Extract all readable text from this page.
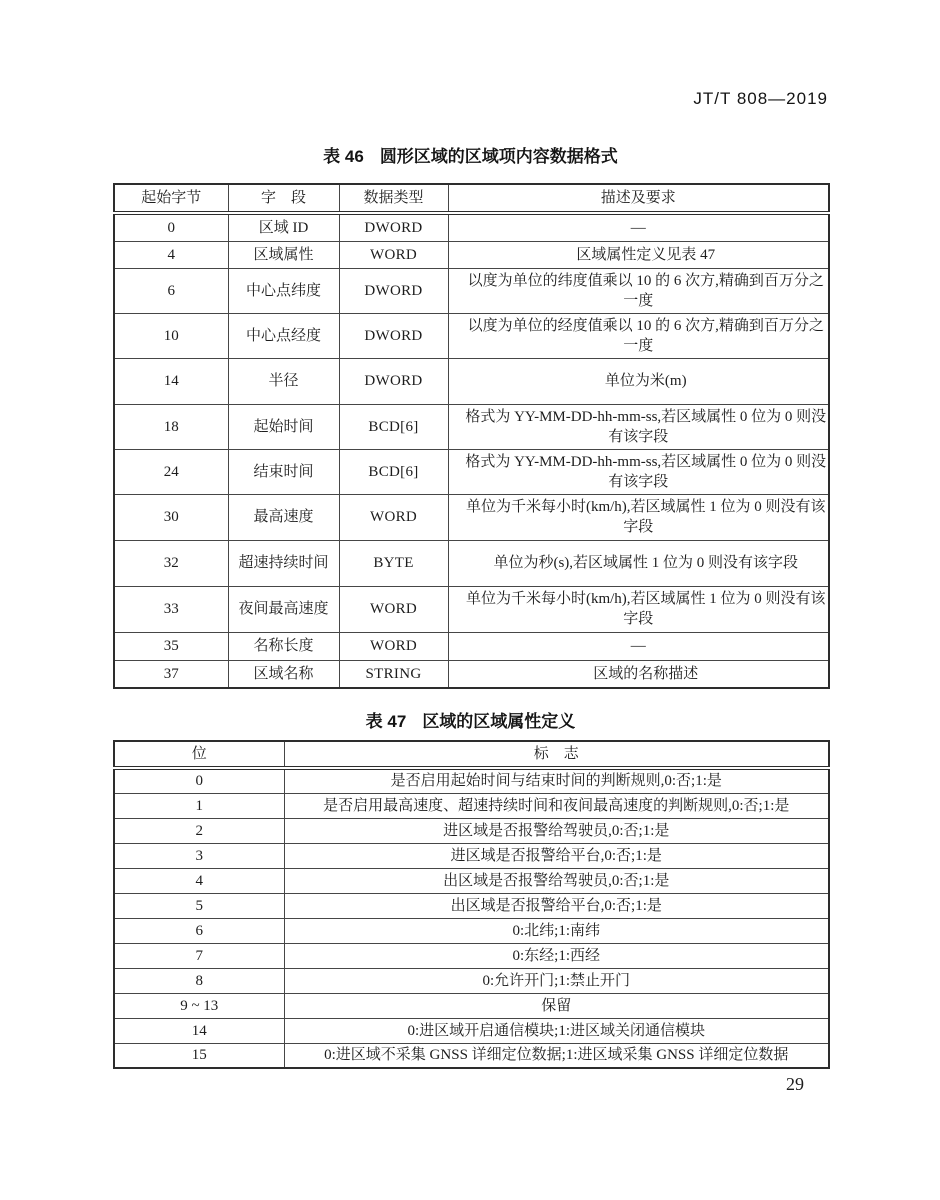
JT/T 808—2019
表 46 圆形区域的区域项内容数据格式
起始字节	字　段	数据类型	描述及要求
0	区域 ID	DWORD	—
4	区域属性	WORD	区域属性定义见表 47
6	中心点纬度	DWORD	以度为单位的纬度值乘以 10 的 6 次方,精确到百万分之一度
10	中心点经度	DWORD	以度为单位的经度值乘以 10 的 6 次方,精确到百万分之一度
14	半径	DWORD	单位为米(m)
18	起始时间	BCD[6]	格式为 YY-MM-DD-hh-mm-ss,若区域属性 0 位为 0 则没有该字段
24	结束时间	BCD[6]	格式为 YY-MM-DD-hh-mm-ss,若区域属性 0 位为 0 则没有该字段
30	最高速度	WORD	单位为千米每小时(km/h),若区域属性 1 位为 0 则没有该字段
32	超速持续时间	BYTE	单位为秒(s),若区域属性 1 位为 0 则没有该字段
33	夜间最高速度	WORD	单位为千米每小时(km/h),若区域属性 1 位为 0 则没有该字段
35	名称长度	WORD	—
37	区域名称	STRING	区域的名称描述
表 47 区域的区域属性定义
位	标　志
0	是否启用起始时间与结束时间的判断规则,0:否;1:是
1	是否启用最高速度、超速持续时间和夜间最高速度的判断规则,0:否;1:是
2	进区域是否报警给驾驶员,0:否;1:是
3	进区域是否报警给平台,0:否;1:是
4	出区域是否报警给驾驶员,0:否;1:是
5	出区域是否报警给平台,0:否;1:是
6	0:北纬;1:南纬
7	0:东经;1:西经
8	0:允许开门;1:禁止开门
9 ~ 13	保留
14	0:进区域开启通信模块;1:进区域关闭通信模块
15	0:进区域不采集 GNSS 详细定位数据;1:进区域采集 GNSS 详细定位数据
29
